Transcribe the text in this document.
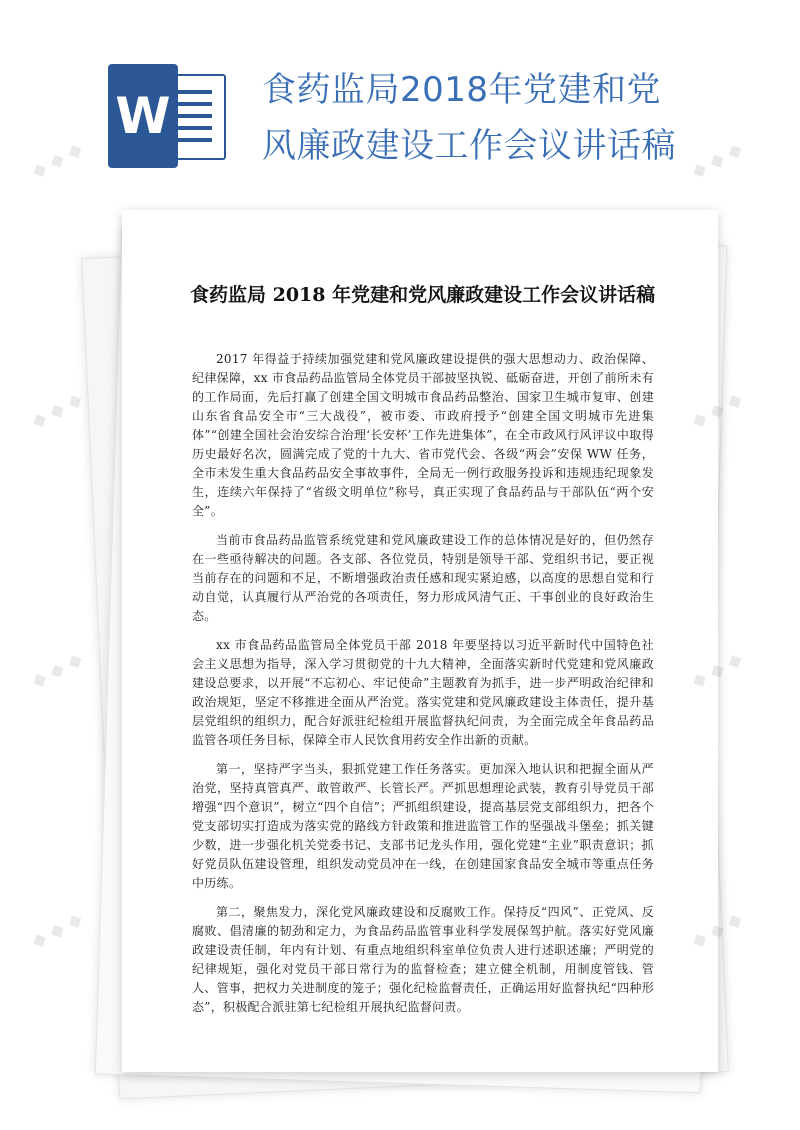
W	食药监局2018年党建和党
风廉政建设工作会议讲话稿
食药监局 2018 年党建和党风廉政建设工作会议讲话稿

2017 年得益于持续加强党建和党风廉政建设提供的强大思想动力、政治保障、纪律保障，xx 市食品药品监管局全体党员干部披坚执锐、砥砺奋进，开创了前所未有的工作局面，先后打赢了创建全国文明城市食品药品整治、国家卫生城市复审、创建山东省食品安全市“三大战役”，被市委、市政府授予“创建全国文明城市先进集体”“创建全国社会治安综合治理‘长安杯’工作先进集体”，在全市政风行风评议中取得历史最好名次，圆满完成了党的十九大、省市党代会、各级“两会”安保 WW 任务，全市未发生重大食品药品安全事故事件，全局无一例行政服务投诉和违规违纪现象发生，连续六年保持了“省级文明单位”称号，真正实现了食品药品与干部队伍“两个安全”。

当前市食品药品监管系统党建和党风廉政建设工作的总体情况是好的，但仍然存在一些亟待解决的问题。各支部、各位党员，特别是领导干部、党组织书记，要正视当前存在的问题和不足，不断增强政治责任感和现实紧迫感，以高度的思想自觉和行动自觉，认真履行从严治党的各项责任，努力形成风清气正、干事创业的良好政治生态。

xx 市食品药品监管局全体党员干部 2018 年要坚持以习近平新时代中国特色社会主义思想为指导，深入学习贯彻党的十九大精神，全面落实新时代党建和党风廉政建设总要求，以开展“不忘初心、牢记使命”主题教育为抓手，进一步严明政治纪律和政治规矩，坚定不移推进全面从严治党。落实党建和党风廉政建设主体责任，提升基层党组织的组织力，配合好派驻纪检组开展监督执纪问责，为全面完成全年食品药品监管各项任务目标，保障全市人民饮食用药安全作出新的贡献。

第一，坚持严字当头，狠抓党建工作任务落实。更加深入地认识和把握全面从严治党，坚持真管真严、敢管敢严、长管长严。严抓思想理论武装，教育引导党员干部增强“四个意识”，树立“四个自信”；严抓组织建设，提高基层党支部组织力，把各个党支部切实打造成为落实党的路线方针政策和推进监管工作的坚强战斗堡垒；抓关键少数，进一步强化机关党委书记、支部书记龙头作用，强化党建“主业”职责意识；抓好党员队伍建设管理，组织发动党员冲在一线，在创建国家食品安全城市等重点任务中历练。

第二，聚焦发力，深化党风廉政建设和反腐败工作。保持反“四风”、正党风、反腐败、倡清廉的韧劲和定力，为食品药品监管事业科学发展保驾护航。落实好党风廉政建设责任制，年内有计划、有重点地组织科室单位负责人进行述职述廉；严明党的纪律规矩，强化对党员干部日常行为的监督检查；建立健全机制，用制度管钱、管人、管事，把权力关进制度的笼子；强化纪检监督责任，正确运用好监督执纪“四种形态”，积极配合派驻第七纪检组开展执纪监督问责。

◆ ◆ ◆	◆ ◆ ◆
◆ ◆ ◆	◆
◆ ◆ ◆	◆
◆ ◆ ◆	◆
